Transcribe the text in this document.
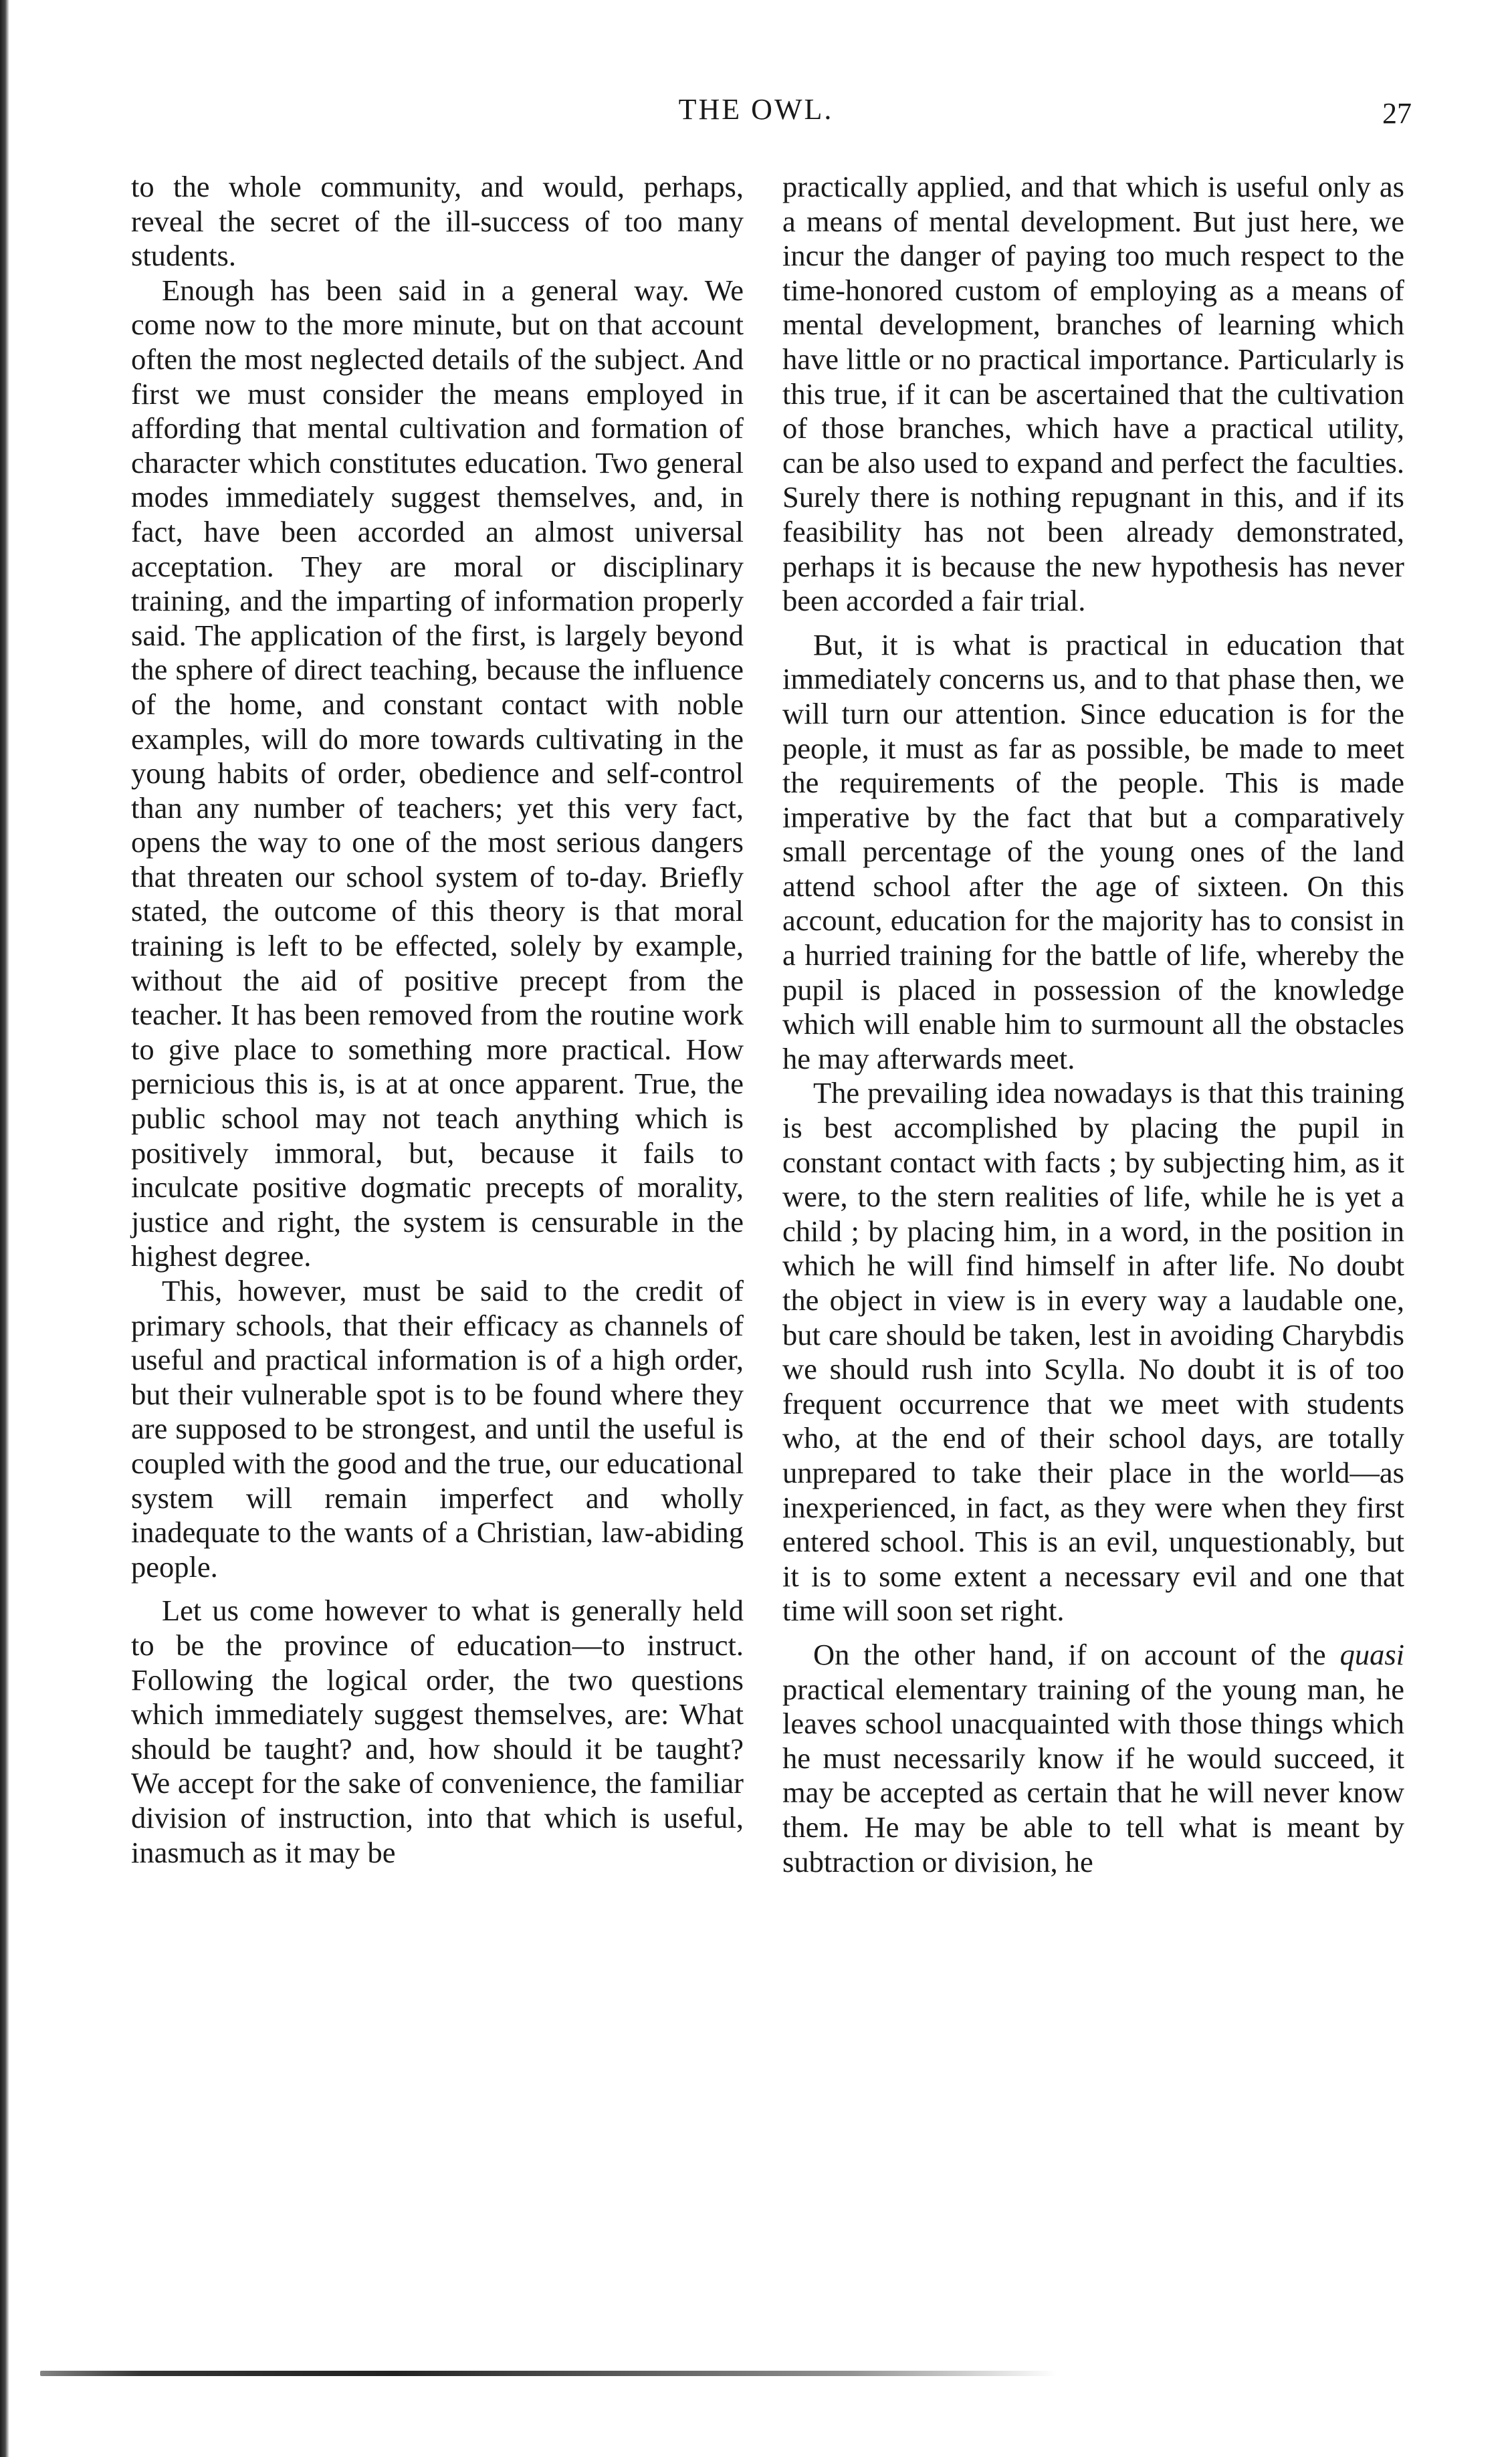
THE OWL.	27

to the whole community, and would, perhaps, reveal the secret of the ill-success of too many students.

Enough has been said in a general way. We come now to the more minute, but on that account often the most neglected details of the subject. And first we must consider the means employed in affording that mental cultivation and formation of character which constitutes education. Two general modes immediately suggest themselves, and, in fact, have been accorded an almost universal acceptation. They are moral or disciplinary training, and the imparting of information properly said. The application of the first, is largely beyond the sphere of direct teaching, because the influence of the home, and constant contact with noble examples, will do more towards cultivating in the young habits of order, obedience and self-control than any number of teachers; yet this very fact, opens the way to one of the most serious dangers that threaten our school system of to-day. Briefly stated, the outcome of this theory is that moral training is left to be effected, solely by example, without the aid of positive precept from the teacher. It has been removed from the routine work to give place to something more practical. How pernicious this is, is at at once apparent. True, the public school may not teach anything which is positively immoral, but, because it fails to inculcate positive dogmatic precepts of morality, justice and right, the system is censurable in the highest degree.

This, however, must be said to the credit of primary schools, that their efficacy as channels of useful and practical information is of a high order, but their vulnerable spot is to be found where they are supposed to be strongest, and until the useful is coupled with the good and the true, our educational system will remain imperfect and wholly inadequate to the wants of a Christian, law-abiding people.

Let us come however to what is generally held to be the province of education—to instruct. Following the logical order, the two questions which immediately suggest themselves, are: What should be taught? and, how should it be taught? We accept for the sake of convenience, the familiar division of instruction, into that which is useful, inasmuch as it may be

practically applied, and that which is useful only as a means of mental development. But just here, we incur the danger of paying too much respect to the time-honored custom of employing as a means of mental development, branches of learning which have little or no practical importance. Particularly is this true, if it can be ascertained that the cultivation of those branches, which have a practical utility, can be also used to expand and perfect the faculties. Surely there is nothing repugnant in this, and if its feasibility has not been already demonstrated, perhaps it is because the new hypothesis has never been accorded a fair trial.

But, it is what is practical in education that immediately concerns us, and to that phase then, we will turn our attention. Since education is for the people, it must as far as possible, be made to meet the requirements of the people. This is made imperative by the fact that but a comparatively small percentage of the young ones of the land attend school after the age of sixteen. On this account, education for the majority has to consist in a hurried training for the battle of life, whereby the pupil is placed in possession of the knowledge which will enable him to surmount all the obstacles he may afterwards meet.

The prevailing idea nowadays is that this training is best accomplished by placing the pupil in constant contact with facts ; by subjecting him, as it were, to the stern realities of life, while he is yet a child ; by placing him, in a word, in the position in which he will find himself in after life. No doubt the object in view is in every way a laudable one, but care should be taken, lest in avoiding Charybdis we should rush into Scylla. No doubt it is of too frequent occurrence that we meet with students who, at the end of their school days, are totally unprepared to take their place in the world—as inexperienced, in fact, as they were when they first entered school. This is an evil, unquestionably, but it is to some extent a necessary evil and one that time will soon set right.

On the other hand, if on account of the quasi practical elementary training of the young man, he leaves school unacquainted with those things which he must necessarily know if he would succeed, it may be accepted as certain that he will never know them. He may be able to tell what is meant by subtraction or division, he
